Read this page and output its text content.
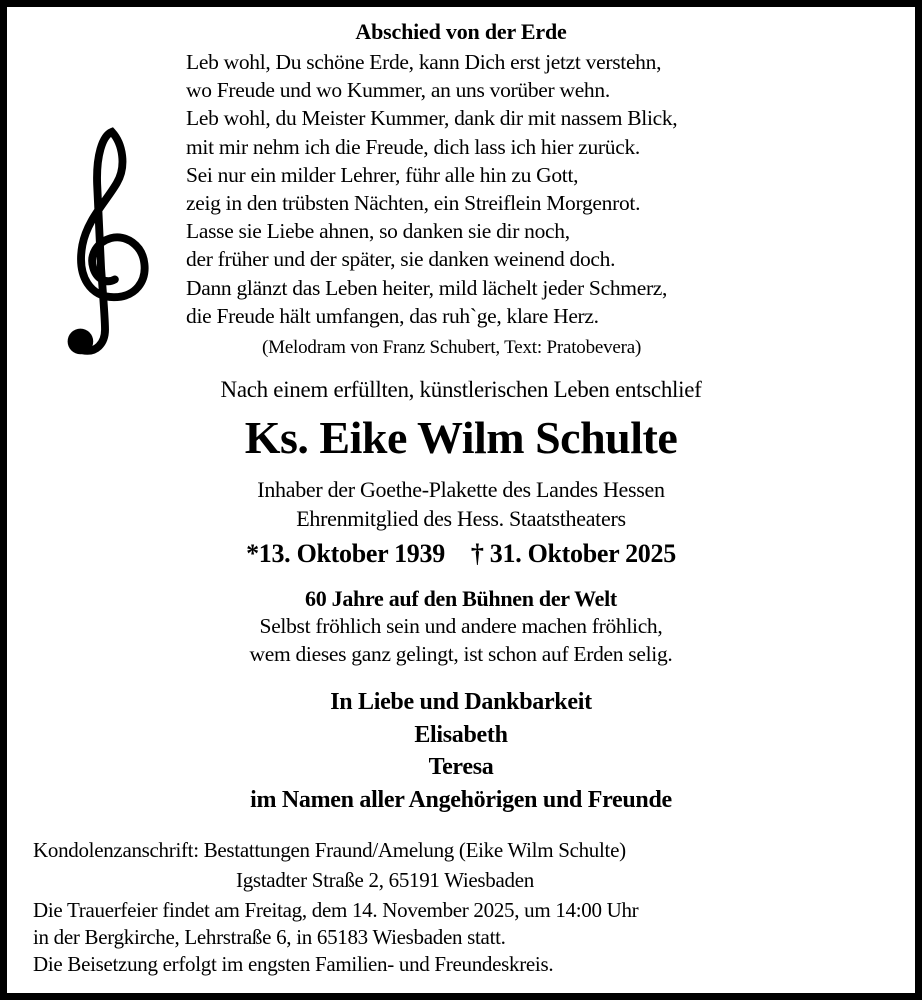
Abschied von der Erde
Leb wohl, Du schöne Erde, kann Dich erst jetzt verstehn,
wo Freude und wo Kummer, an uns vorüber wehn.
Leb wohl, du Meister Kummer, dank dir mit nassem Blick,
mit mir nehm ich die Freude, dich lass ich hier zurück.
Sei nur ein milder Lehrer, führ alle hin zu Gott,
zeig in den trübsten Nächten, ein Streiflein Morgenrot.
Lasse sie Liebe ahnen, so danken sie dir noch,
der früher und der später, sie danken weinend doch.
Dann glänzt das Leben heiter, mild lächelt jeder Schmerz,
die Freude hält umfangen, das ruh`ge, klare Herz.
(Melodram von Franz Schubert, Text: Pratobevera)
Nach einem erfüllten, künstlerischen Leben entschlief
Ks. Eike Wilm Schulte
Inhaber der Goethe-Plakette des Landes Hessen
Ehrenmitglied des Hess. Staatstheaters
*13. Oktober 1939 † 31. Oktober 2025
60 Jahre auf den Bühnen der Welt
Selbst fröhlich sein und andere machen fröhlich,
wem dieses ganz gelingt, ist schon auf Erden selig.
In Liebe und Dankbarkeit
Elisabeth
Teresa
im Namen aller Angehörigen und Freunde
Kondolenzanschrift: Bestattungen Fraund/Amelung (Eike Wilm Schulte)
Igstadter Straße 2, 65191 Wiesbaden
Die Trauerfeier findet am Freitag, dem 14. November 2025, um 14:00 Uhr
in der Bergkirche, Lehrstraße 6, in 65183 Wiesbaden statt.
Die Beisetzung erfolgt im engsten Familien- und Freundeskreis.
